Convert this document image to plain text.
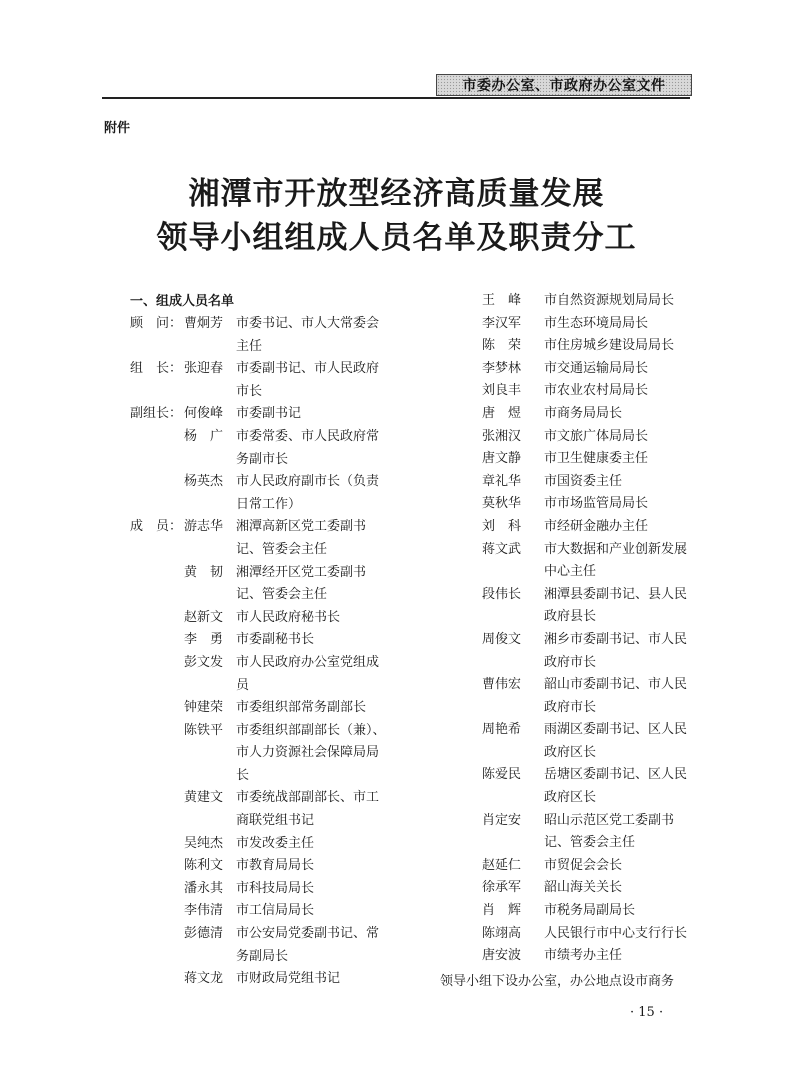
市委办公室、市政府办公室文件
附件
湘潭市开放型经济高质量发展
领导小组组成人员名单及职责分工
一、组成人员名单
顾　问： 曹炯芳 市委书记、市人大常委会主任
组　长： 张迎春 市委副书记、市人民政府市长
副组长： 何俊峰 市委副书记
杨　广 市委常委、市人民政府常务副市长
杨英杰 市人民政府副市长（负责日常工作）
成　员： 游志华 湘潭高新区党工委副书记、管委会主任
黄　韧 湘潭经开区党工委副书记、管委会主任
赵新文 市人民政府秘书长
李　勇 市委副秘书长
彭文发 市人民政府办公室党组成员
钟建荣 市委组织部常务副部长
陈铁平 市委组织部副部长（兼）、市人力资源社会保障局局长
黄建文 市委统战部副部长、市工商联党组书记
吴纯杰 市发改委主任
陈利文 市教育局局长
潘永其 市科技局局长
李伟清 市工信局局长
彭德清 市公安局党委副书记、常务副局长
蒋文龙 市财政局党组书记
王　峰	市自然资源规划局局长
李汉军	市生态环境局局长
陈　荣	市住房城乡建设局局长
李梦林	市交通运输局局长
刘良丰	市农业农村局局长
唐　煜	市商务局局长
张湘汉	市文旅广体局局长
唐文静	市卫生健康委主任
章礼华	市国资委主任
莫秋华	市市场监管局局长
刘　科	市经研金融办主任
蒋文武	市大数据和产业创新发展中心主任
段伟长	湘潭县委副书记、县人民政府县长
周俊文	湘乡市委副书记、市人民政府市长
曹伟宏	韶山市委副书记、市人民政府市长
周艳希	雨湖区委副书记、区人民政府区长
陈爱民	岳塘区委副书记、区人民政府区长
肖定安	昭山示范区党工委副书记、管委会主任
赵延仁	市贸促会会长
徐承军	韶山海关关长
肖　辉	市税务局副局长
陈翊高	人民银行市中心支行行长
唐安波	市绩考办主任
领导小组下设办公室，办公地点设市商务
· 15 ·
